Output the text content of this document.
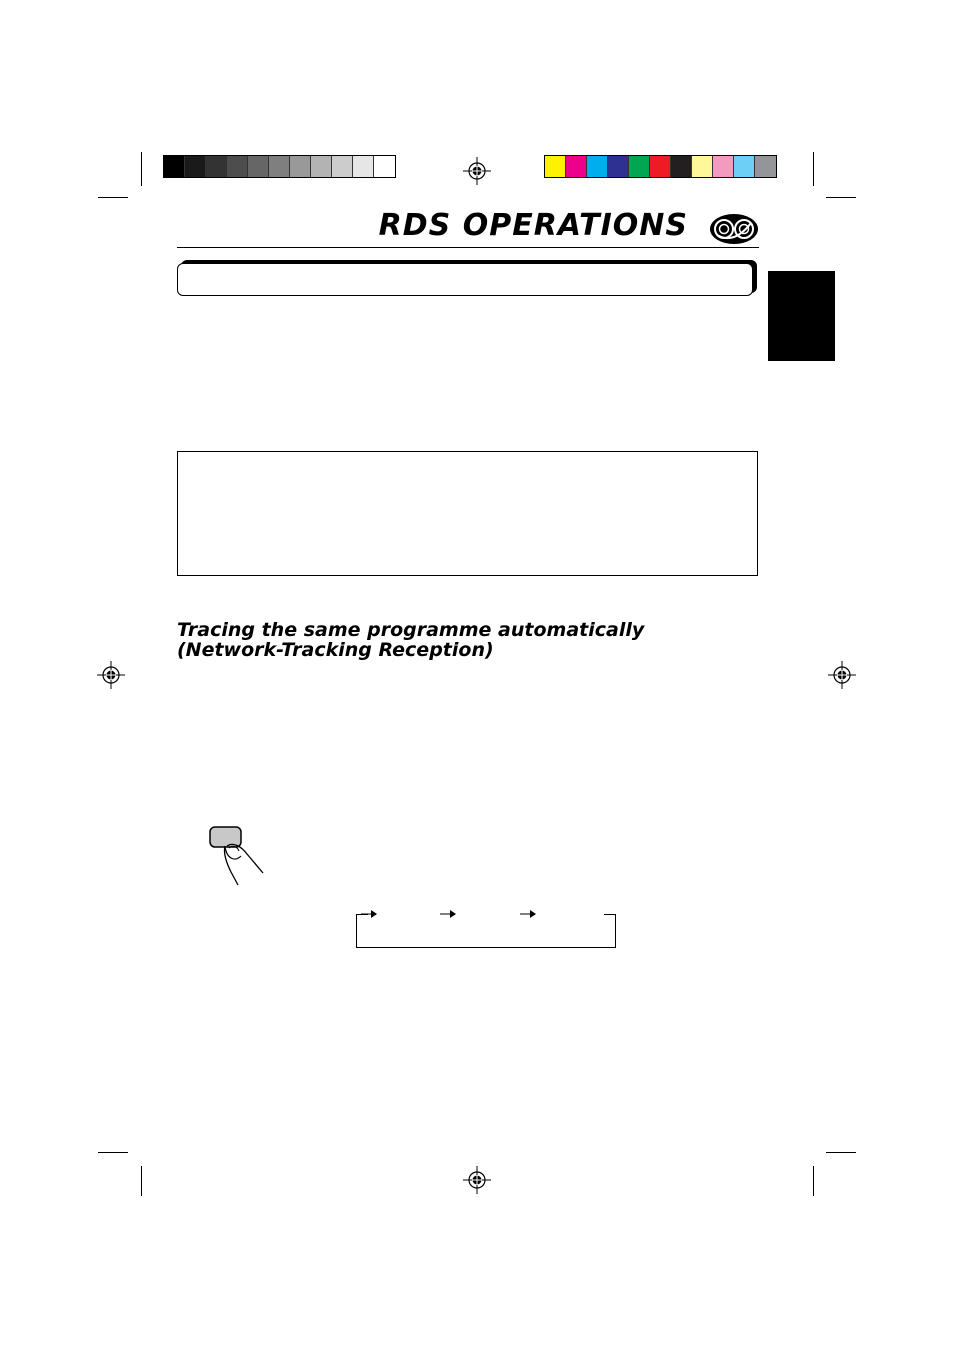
RDS OPERATIONS
Tracing the same programme automatically (Network-Tracking Reception)
